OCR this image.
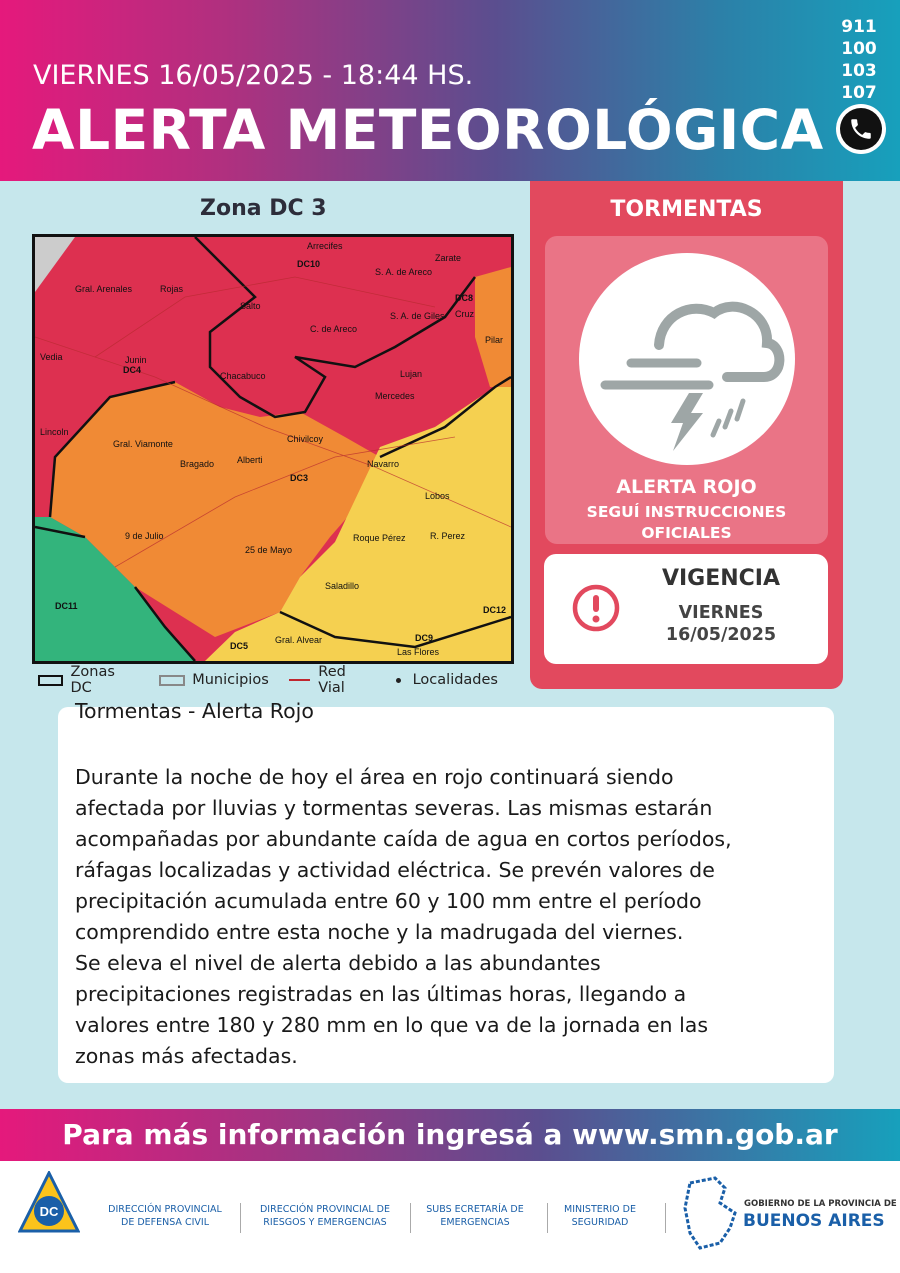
VIERNES 16/05/2025 - 18:44 HS.
ALERTA METEOROLÓGICA
911
100
103
107
Zona DC 3
Arrecifes
DC10
Zarate
S. A. de Areco
DC8
Gral. Arenales	Rojas
Salto
Cruz
C. de Areco
S. A. de Giles
Pilar
Junin
DC4
Vedia
Chacabuco	Lujan
Mercedes
Lincoln
Chivilcoy
Gral. Viamonte
Bragado	Alberti	Navarro
DC3
Lobos
9 de Julio
25 de Mayo
Roque Pérez	R. Perez
Saladillo
DC11	DC12
DC5
Gral. Alvear	DC9
Las Flores
Zonas DC	Municipios	Red Vial	Localidades
TORMENTAS
ALERTA ROJO
SEGUÍ INSTRUCCIONES
OFICIALES
VIGENCIA
VIERNES
16/05/2025
Durante la noche de hoy el área en rojo continuará siendo
afectada por lluvias y tormentas severas. Las mismas estarán
acompañadas por abundante caída de agua en cortos períodos,
ráfagas localizadas y actividad eléctrica. Se prevén valores de
precipitación acumulada entre 60 y 100 mm entre el período
comprendido entre esta noche y la madrugada del viernes.
Se eleva el nivel de alerta debido a las abundantes
precipitaciones registradas en las últimas horas, llegando a
valores entre 180 y 280 mm en lo que va de la jornada en las
zonas más afectadas.
Tormentas - Alerta Rojo
Para más información ingresá a www.smn.gob.ar
DC	DIRECCIÓN PROVINCIAL
DE DEFENSA CIVIL
DIRECCIÓN PROVINCIAL DE
RIESGOS Y EMERGENCIAS
SUBS ECRETARÍA DE
EMERGENCIAS
MINISTERIO DE
SEGURIDAD
GOBIERNO DE LA PROVINCIA DE
BUENOS AIRES
